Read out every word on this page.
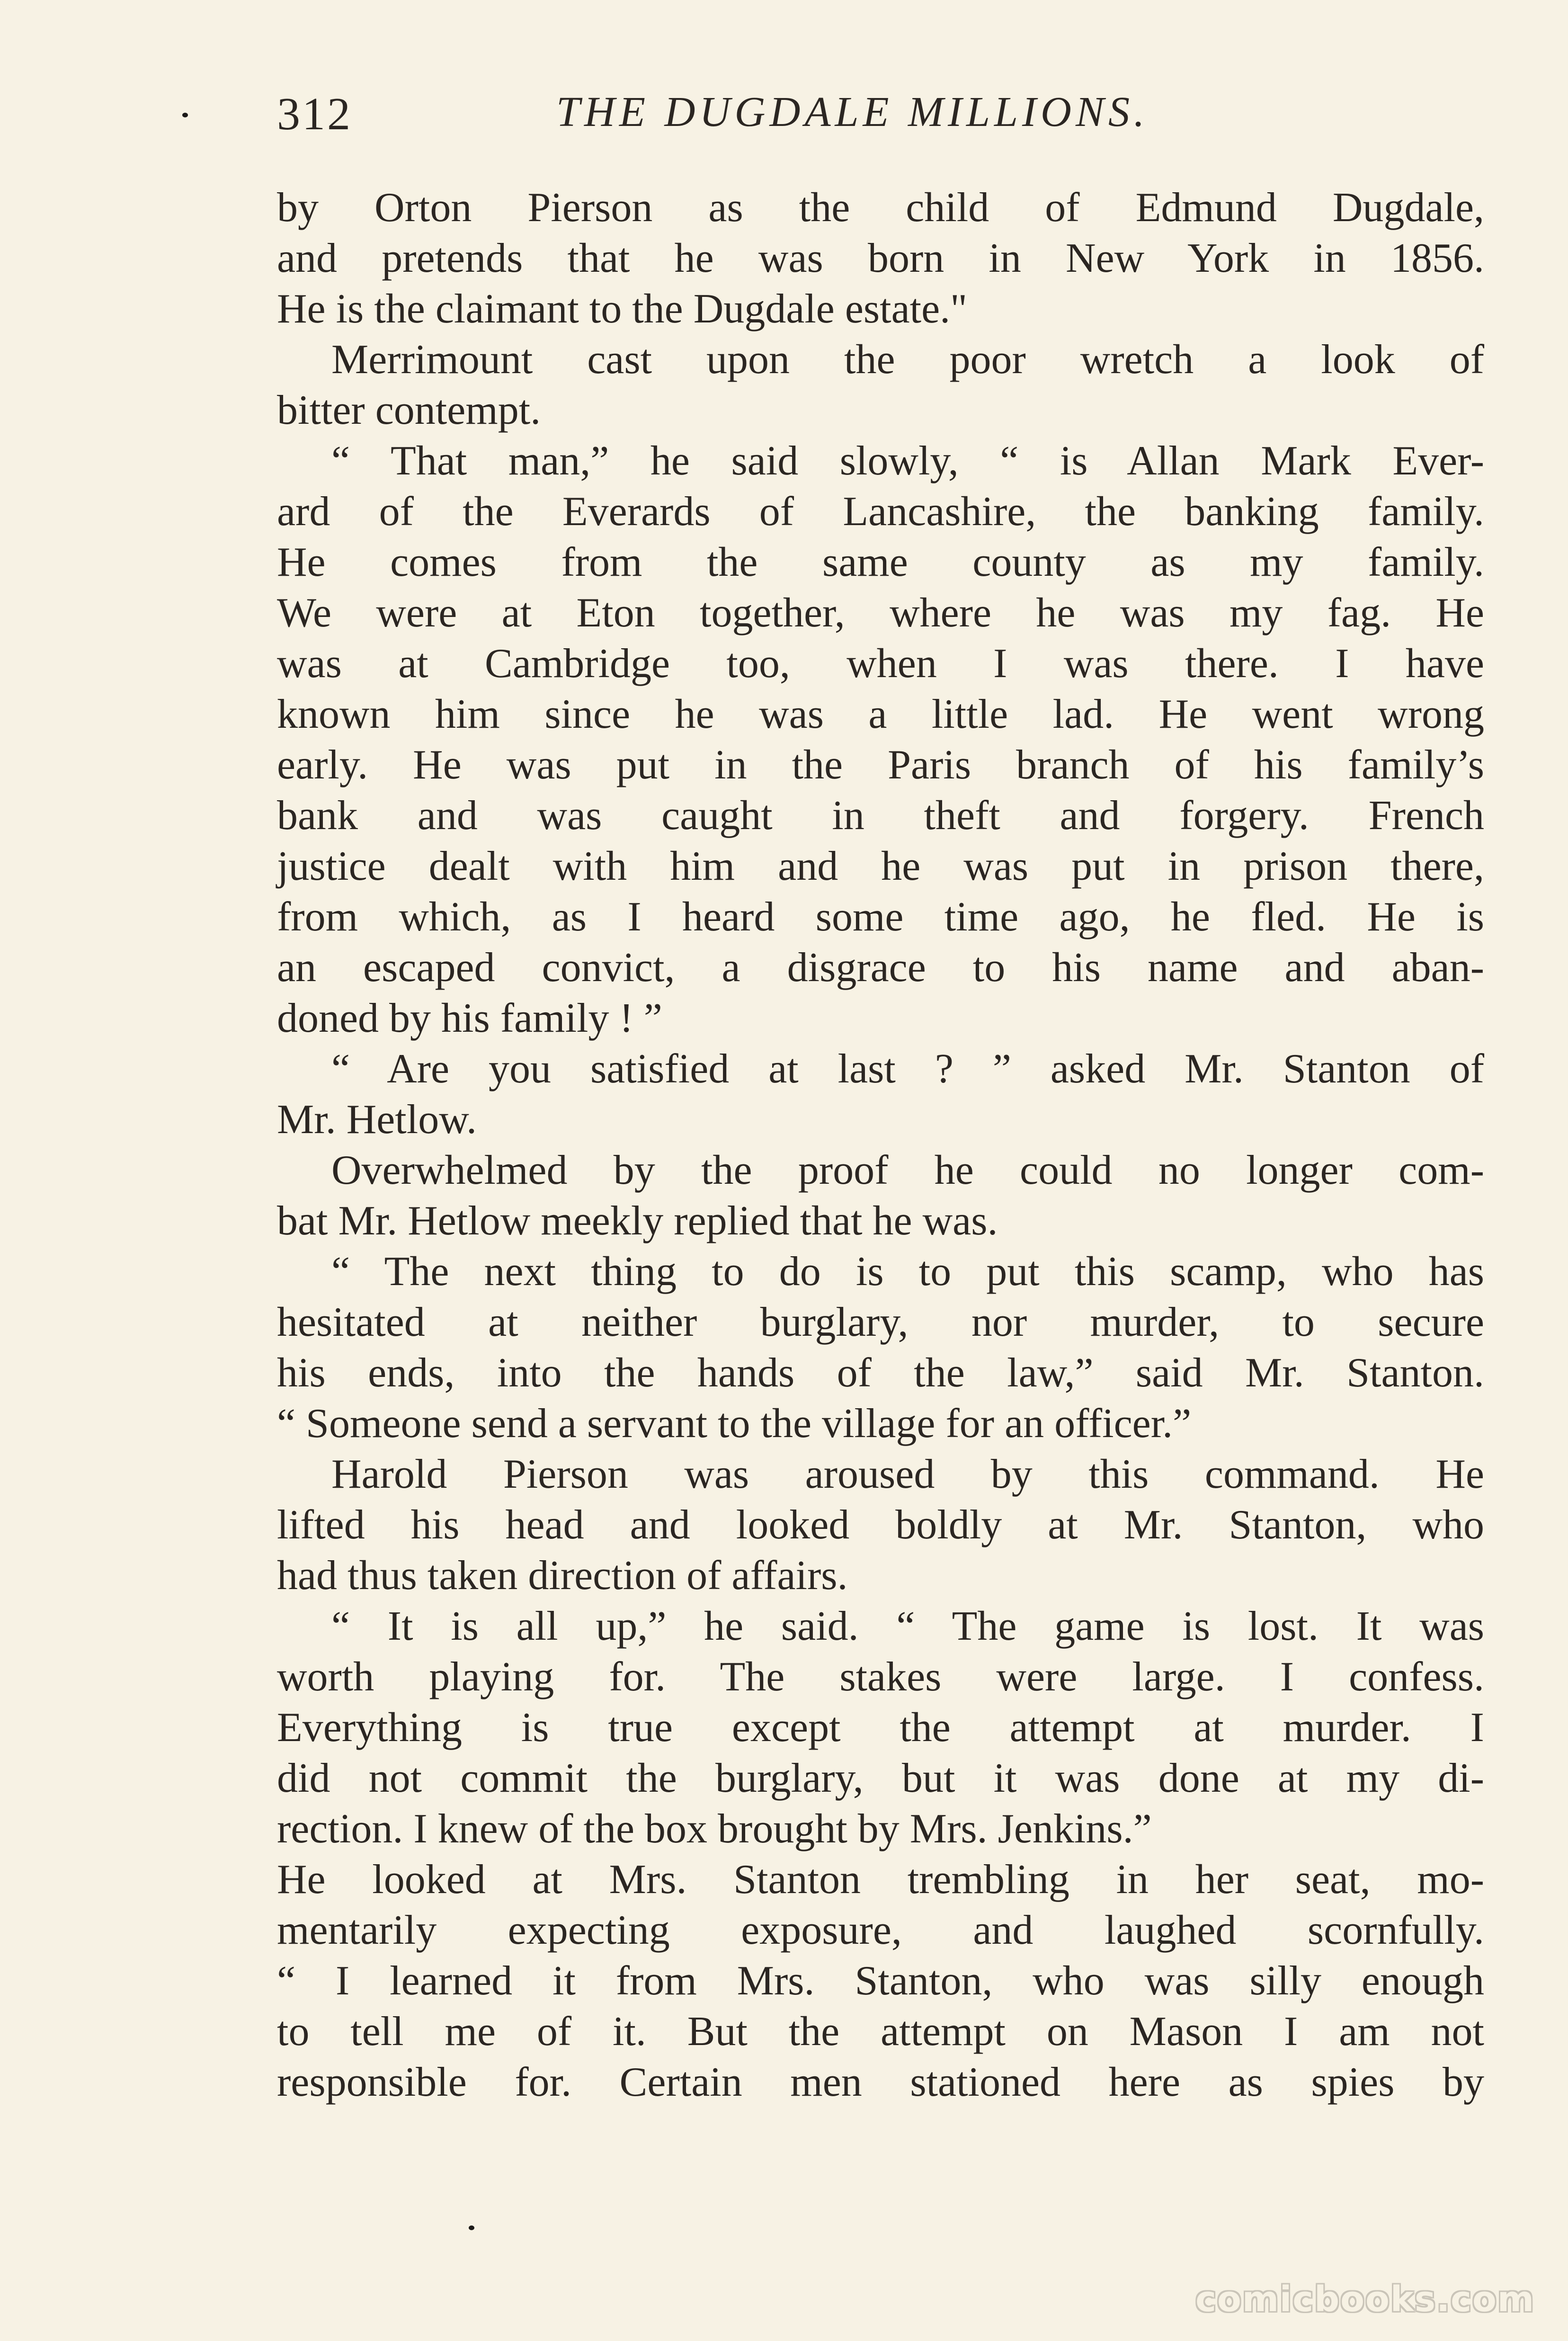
312	THE DUGDALE MILLIONS.
by Orton Pierson as the child of Edmund Dugdale,
and pretends that he was born in New York in 1856.
He is the claimant to the Dugdale estate."
Merrimount cast upon the poor wretch a look of
bitter contempt.
“ That man,” he said slowly, “ is Allan Mark Ever-
ard of the Everards of Lancashire, the banking family.
He comes from the same county as my family.
We were at Eton together, where he was my fag. He
was at Cambridge too, when I was there. I have
known him since he was a little lad. He went wrong
early. He was put in the Paris branch of his family’s
bank and was caught in theft and forgery. French
justice dealt with him and he was put in prison there,
from which, as I heard some time ago, he fled. He is
an escaped convict, a disgrace to his name and aban-
doned by his family ! ”
“ Are you satisfied at last ? ” asked Mr. Stanton of
Mr. Hetlow.
Overwhelmed by the proof he could no longer com-
bat Mr. Hetlow meekly replied that he was.
“ The next thing to do is to put this scamp, who has
hesitated at neither burglary, nor murder, to secure
his ends, into the hands of the law,” said Mr. Stanton.
“ Someone send a servant to the village for an officer.”
Harold Pierson was aroused by this command. He
lifted his head and looked boldly at Mr. Stanton, who
had thus taken direction of affairs.
“ It is all up,” he said. “ The game is lost. It was
worth playing for. The stakes were large. I confess.
Everything is true except the attempt at murder. I
did not commit the burglary, but it was done at my di-
rection. I knew of the box brought by Mrs. Jenkins.”
He looked at Mrs. Stanton trembling in her seat, mo-
mentarily expecting exposure, and laughed scornfully.
“ I learned it from Mrs. Stanton, who was silly enough
to tell me of it. But the attempt on Mason I am not
responsible for. Certain men stationed here as spies by
comicbooks.com
